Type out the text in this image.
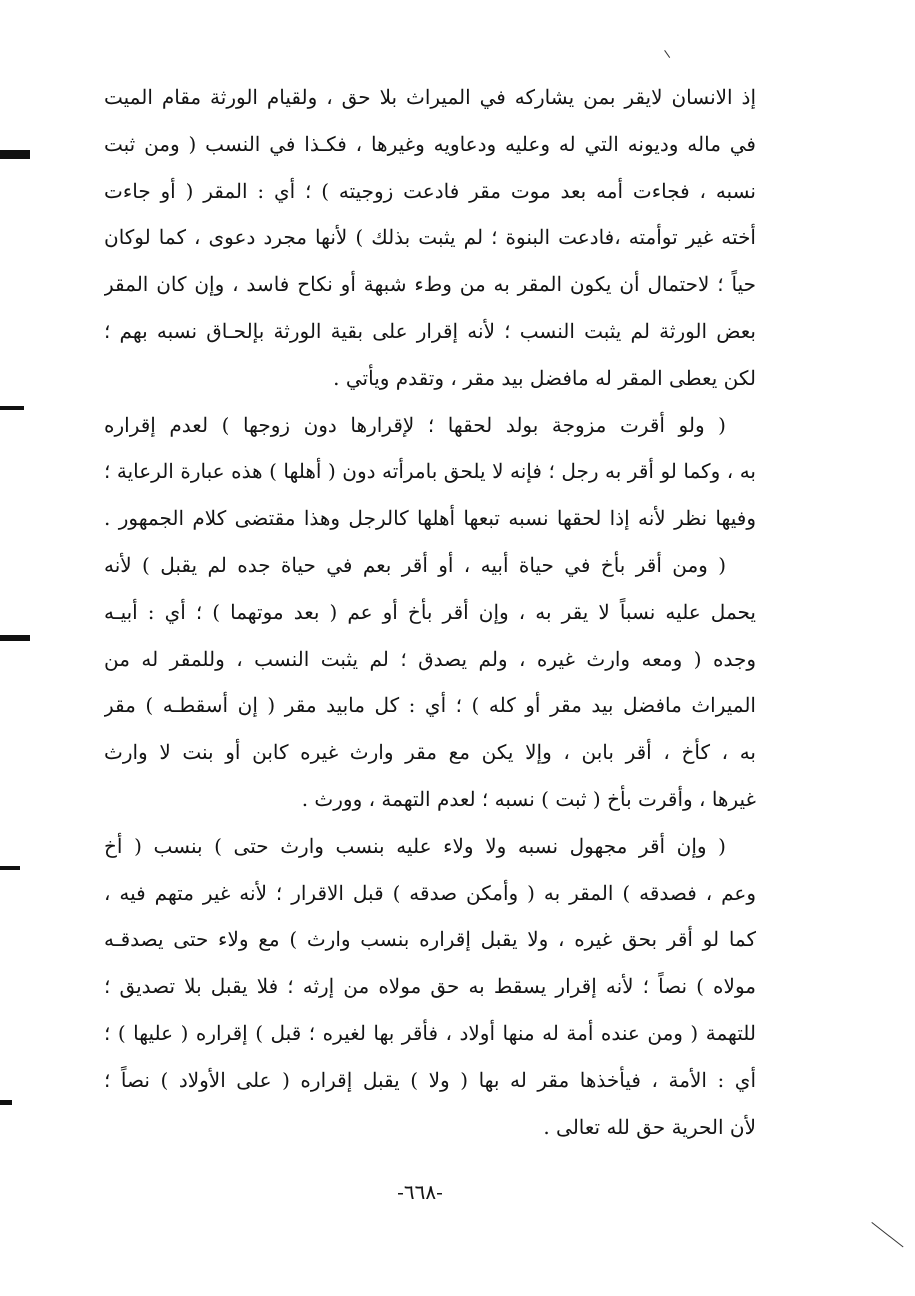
إذ الانسان لايقر بمن يشاركه في الميراث بلا حق ، ولقيام الورثة مقام الميت
في ماله وديونه التي له وعليه ودعاويه وغيرها ، فكـذا في النسب ( ومن ثبت
نسبه ، فجاءت أمه بعد موت مقر فادعت زوجيته ) ؛ أي : المقر ( أو جاءت
أخته غير توأمته ،فادعت البنوة ؛ لم يثبت بذلك ) لأنها مجرد دعوى ، كما لوكان
حياً ؛ لاحتمال أن يكون المقر به من وطء شبهة أو نكاح فاسد ، وإن كان المقر
بعض الورثة لم يثبت النسب ؛ لأنه إقرار على بقية الورثة بإلحـاق نسبه بهم ؛
لكن يعطى المقر له مافضل بيد مقر ، وتقدم ويأتي .
( ولو أقرت مزوجة بولد لحقها ؛ لإقرارها دون زوجها ) لعدم إقراره
به ، وكما لو أقر به رجل ؛ فإنه لا يلحق بامرأته دون ( أهلها ) هذه عبارة الرعاية ؛
وفيها نظر لأنه إذا لحقها نسبه تبعها أهلها كالرجل وهذا مقتضى كلام الجمهور .
( ومن أقر بأخ في حياة أبيه ، أو أقر بعم في حياة جده لم يقبل ) لأنه
يحمل عليه نسباً لا يقر به ، وإن أقر بأخ أو عم ( بعد موتهما ) ؛ أي : أبيـه
وجده ( ومعه وارث غيره ، ولم يصدق ؛ لم يثبت النسب ، وللمقر له من
الميراث مافضل بيد مقر أو كله ) ؛ أي : كل مابيد مقر ( إن أسقطـه ) مقر
به ، كأخ ، أقر بابن ، وإلا يكن مع مقر وارث غيره كابن أو بنت لا وارث
غيرها ، وأقرت بأخ ( ثبت ) نسبه ؛ لعدم التهمة ، وورث .
( وإن أقر مجهول نسبه ولا ولاء عليه بنسب وارث حتى ) بنسب ( أخ
وعم ، فصدقه ) المقر به ( وأمكن صدقه ) قبل الاقرار ؛ لأنه غير متهم فيه ،
كما لو أقر بحق غيره ، ولا يقبل إقراره بنسب وارث ) مع ولاء حتى يصدقـه
مولاه ) نصاً ؛ لأنه إقرار يسقط به حق مولاه من إرثه ؛ فلا يقبل بلا تصديق ؛
للتهمة ( ومن عنده أمة له منها أولاد ، فأقر بها لغيره ؛ قبل ) إقراره ( عليها ) ؛
أي : الأمة ، فيأخذها مقر له بها ( ولا ) يقبل إقراره ( على الأولاد ) نصاً ؛
لأن الحرية حق لله تعالى .
-٦٦٨-
